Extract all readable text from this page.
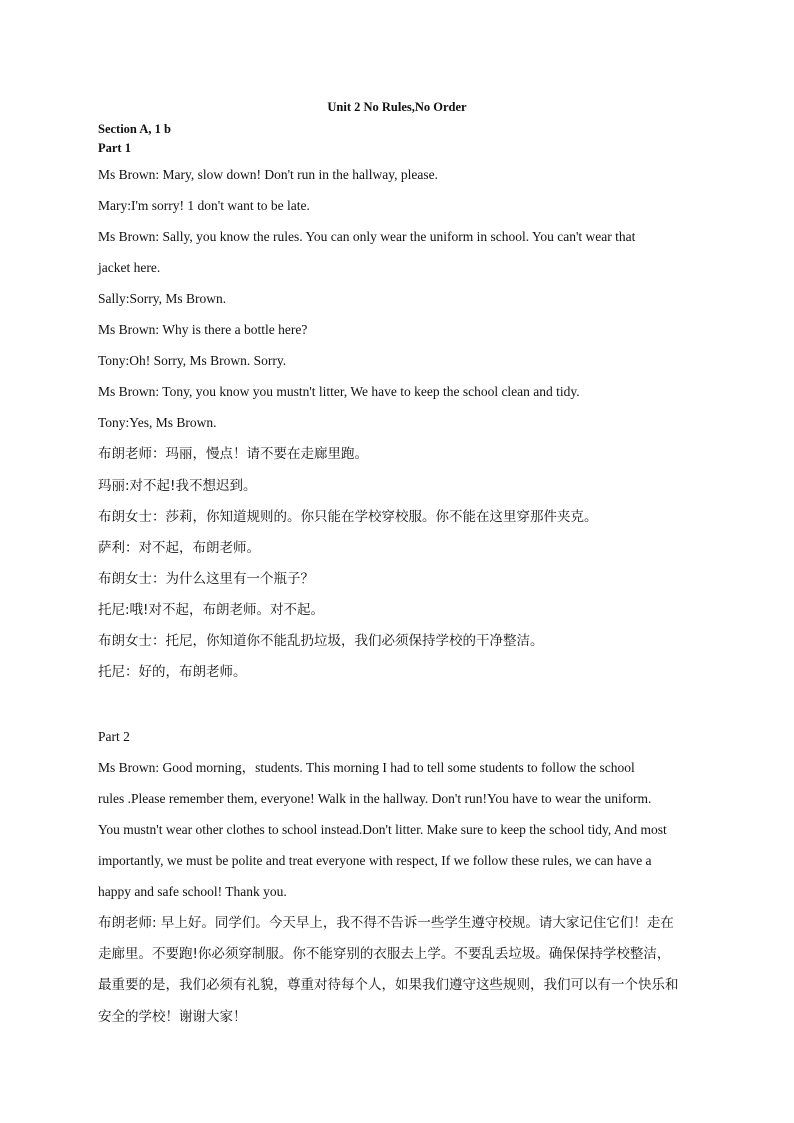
Unit 2 No Rules,No Order
Section A, 1 b
Part 1
Ms Brown: Mary, slow down! Don't run in the hallway, please.
Mary:I'm sorry! 1 don't want to be late.
Ms Brown: Sally, you know the rules. You can only wear the uniform in school. You can't wear that
jacket here.
Sally:Sorry, Ms Brown.
Ms Brown: Why is there a bottle here?
Tony:Oh! Sorry, Ms Brown. Sorry.
Ms Brown: Tony, you know you mustn't litter, We have to keep the school clean and tidy.
Tony:Yes, Ms Brown.
布朗老师：玛丽，慢点！请不要在走廊里跑。
玛丽:对不起!我不想迟到。
布朗女士：莎莉，你知道规则的。你只能在学校穿校服。你不能在这里穿那件夹克。
萨利：对不起，布朗老师。
布朗女士：为什么这里有一个瓶子？
托尼:哦!对不起，布朗老师。对不起。
布朗女士：托尼，你知道你不能乱扔垃圾，我们必须保持学校的干净整洁。
托尼：好的，布朗老师。
Part 2
Ms Brown: Good morning，students. This morning I had to tell some students to follow the school
rules .Please remember them, everyone! Walk in the hallway. Don't run!You have to wear the uniform.
You mustn't wear other clothes to school instead.Don't litter. Make sure to keep the school tidy, And most
importantly, we must be polite and treat everyone with respect, If we follow these rules, we can have a
happy and safe school! Thank you.
布朗老师: 早上好。同学们。今天早上，我不得不告诉一些学生遵守校规。请大家记住它们！走在
走廊里。不要跑!你必须穿制服。你不能穿别的衣服去上学。不要乱丢垃圾。确保保持学校整洁，
最重要的是，我们必须有礼貌，尊重对待每个人，如果我们遵守这些规则，我们可以有一个快乐和
安全的学校！谢谢大家！
